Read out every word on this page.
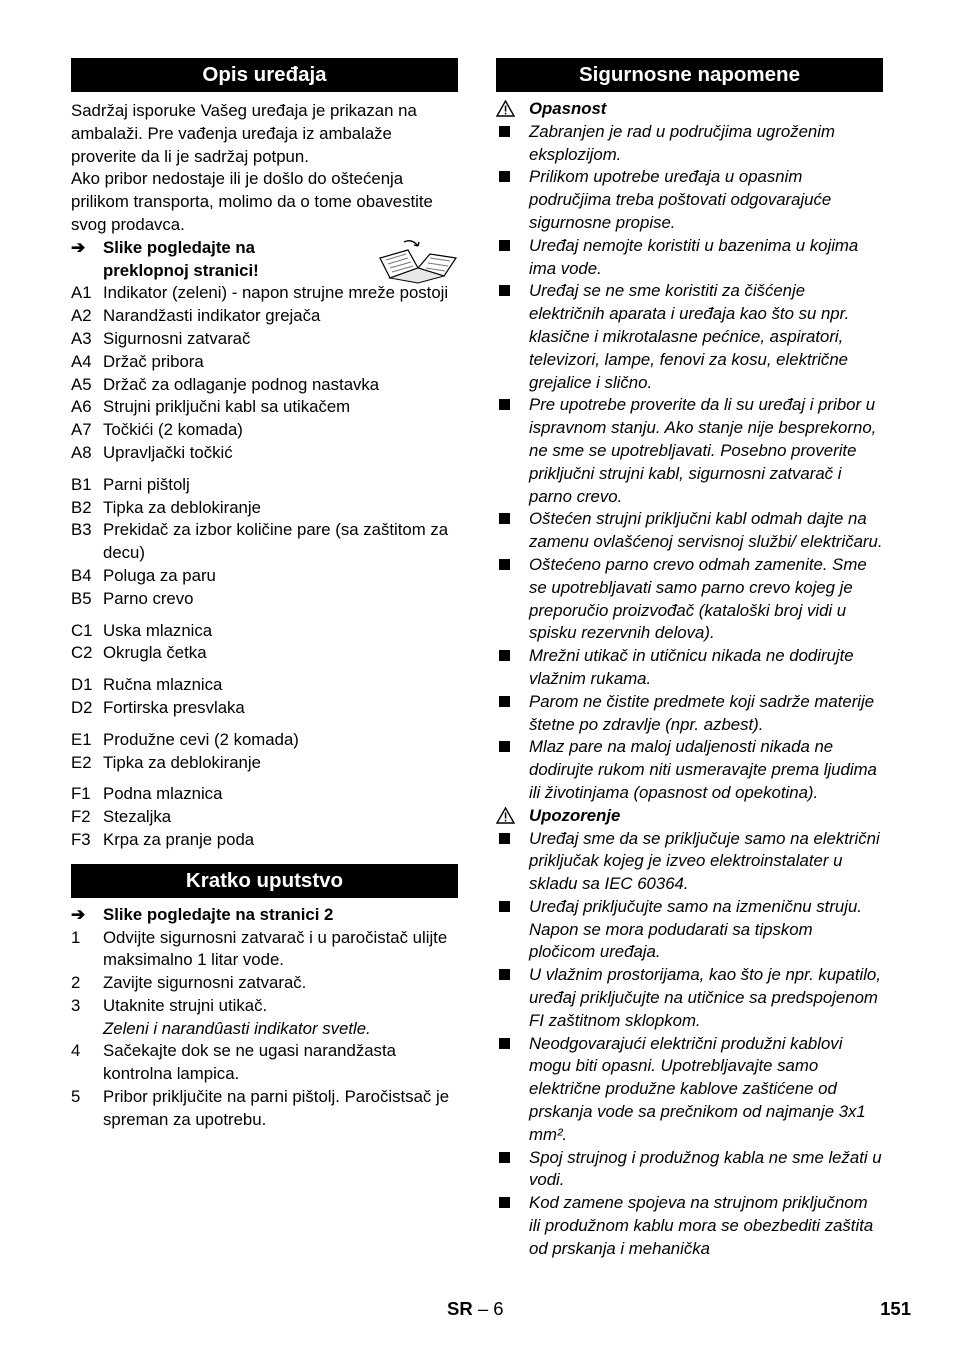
Opis uređaja
Sadržaj isporuke Vašeg uređaja je prikazan na ambalaži. Pre vađenja uređaja iz ambalaže proverite da li je sadržaj potpun.
Ako pribor nedostaje ili je došlo do oštećenja prilikom transporta, molimo da o tome obavestite svog prodavca.
➔	Slike pogledajte na preklopnoj stranici!
A1 Indikator (zeleni) - napon strujne mreže postoji
A2 Narandžasti indikator grejača
A3 Sigurnosni zatvarač
A4 Držač pribora
A5 Držač za odlaganje podnog nastavka
A6 Strujni priključni kabl sa utikačem
A7 Točkići (2 komada)
A8 Upravljački točkić
B1 Parni pištolj
B2 Tipka za deblokiranje
B3 Prekidač za izbor količine pare (sa zaštitom za decu)
B4 Poluga za paru
B5 Parno crevo
C1 Uska mlaznica
C2 Okrugla četka
D1 Ručna mlaznica
D2 Fortirska presvlaka
E1 Produžne cevi (2 komada)
E2 Tipka za deblokiranje
F1 Podna mlaznica
F2 Stezaljka
F3 Krpa za pranje poda
Kratko uputstvo
➔	Slike pogledajte na stranici 2
1	Odvijte sigurnosni zatvarač i u paročistač ulijte maksimalno 1 litar vode.
2	Zavijte sigurnosni zatvarač.
3	Utaknite strujni utikač.
Zeleni i narandûasti indikator svetle.
4	Sačekajte dok se ne ugasi narandžasta kontrolna lampica.
5	Pribor priključite na parni pištolj. Paročistsač je spreman za upotrebu.
Sigurnosne napomene
Opasnost
Zabranjen je rad u područjima ugroženim eksplozijom.
Prilikom upotrebe uređaja u opasnim područjima treba poštovati odgovarajuće sigurnosne propise.
Uređaj nemojte koristiti u bazenima u kojima ima vode.
Uređaj se ne sme koristiti za čišćenje električnih aparata i uređaja kao što su npr. klasične i mikrotalasne pećnice, aspiratori, televizori, lampe, fenovi za kosu, električne grejalice i slično.
Pre upotrebe proverite da li su uređaj i pribor u ispravnom stanju. Ako stanje nije besprekorno, ne sme se upotrebljavati. Posebno proverite priključni strujni kabl, sigurnosni zatvarač i parno crevo.
Oštećen strujni priključni kabl odmah dajte na zamenu ovlašćenoj servisnoj službi/ električaru.
Oštećeno parno crevo odmah zamenite. Sme se upotrebljavati samo parno crevo kojeg je preporučio proizvođač (kataloški broj vidi u spisku rezervnih delova).
Mrežni utikač in utičnicu nikada ne dodirujte vlažnim rukama.
Parom ne čistite predmete koji sadrže materije štetne po zdravlje (npr. azbest).
Mlaz pare na maloj udaljenosti nikada ne dodirujte rukom niti usmeravajte prema ljudima ili životinjama (opasnost od opekotina).
Upozorenje
Uređaj sme da se priključuje samo na električni priključak kojeg je izveo elektroinstalater u skladu sa IEC 60364.
Uređaj priključujte samo na izmeničnu struju. Napon se mora podudarati sa tipskom pločicom uređaja.
U vlažnim prostorijama, kao što je npr. kupatilo, uređaj priključujte na utičnice sa predspojenom FI zaštitnom sklopkom.
Neodgovarajući električni produžni kablovi mogu biti opasni. Upotrebljavajte samo električne produžne kablove zaštićene od prskanja vode sa prečnikom od najmanje 3x1 mm².
Spoj strujnog i produžnog kabla ne sme ležati u vodi.
Kod zamene spojeva na strujnom priključnom ili produžnom kablu mora se obezbediti zaštita od prskanja i mehanička
SR – 6	151
